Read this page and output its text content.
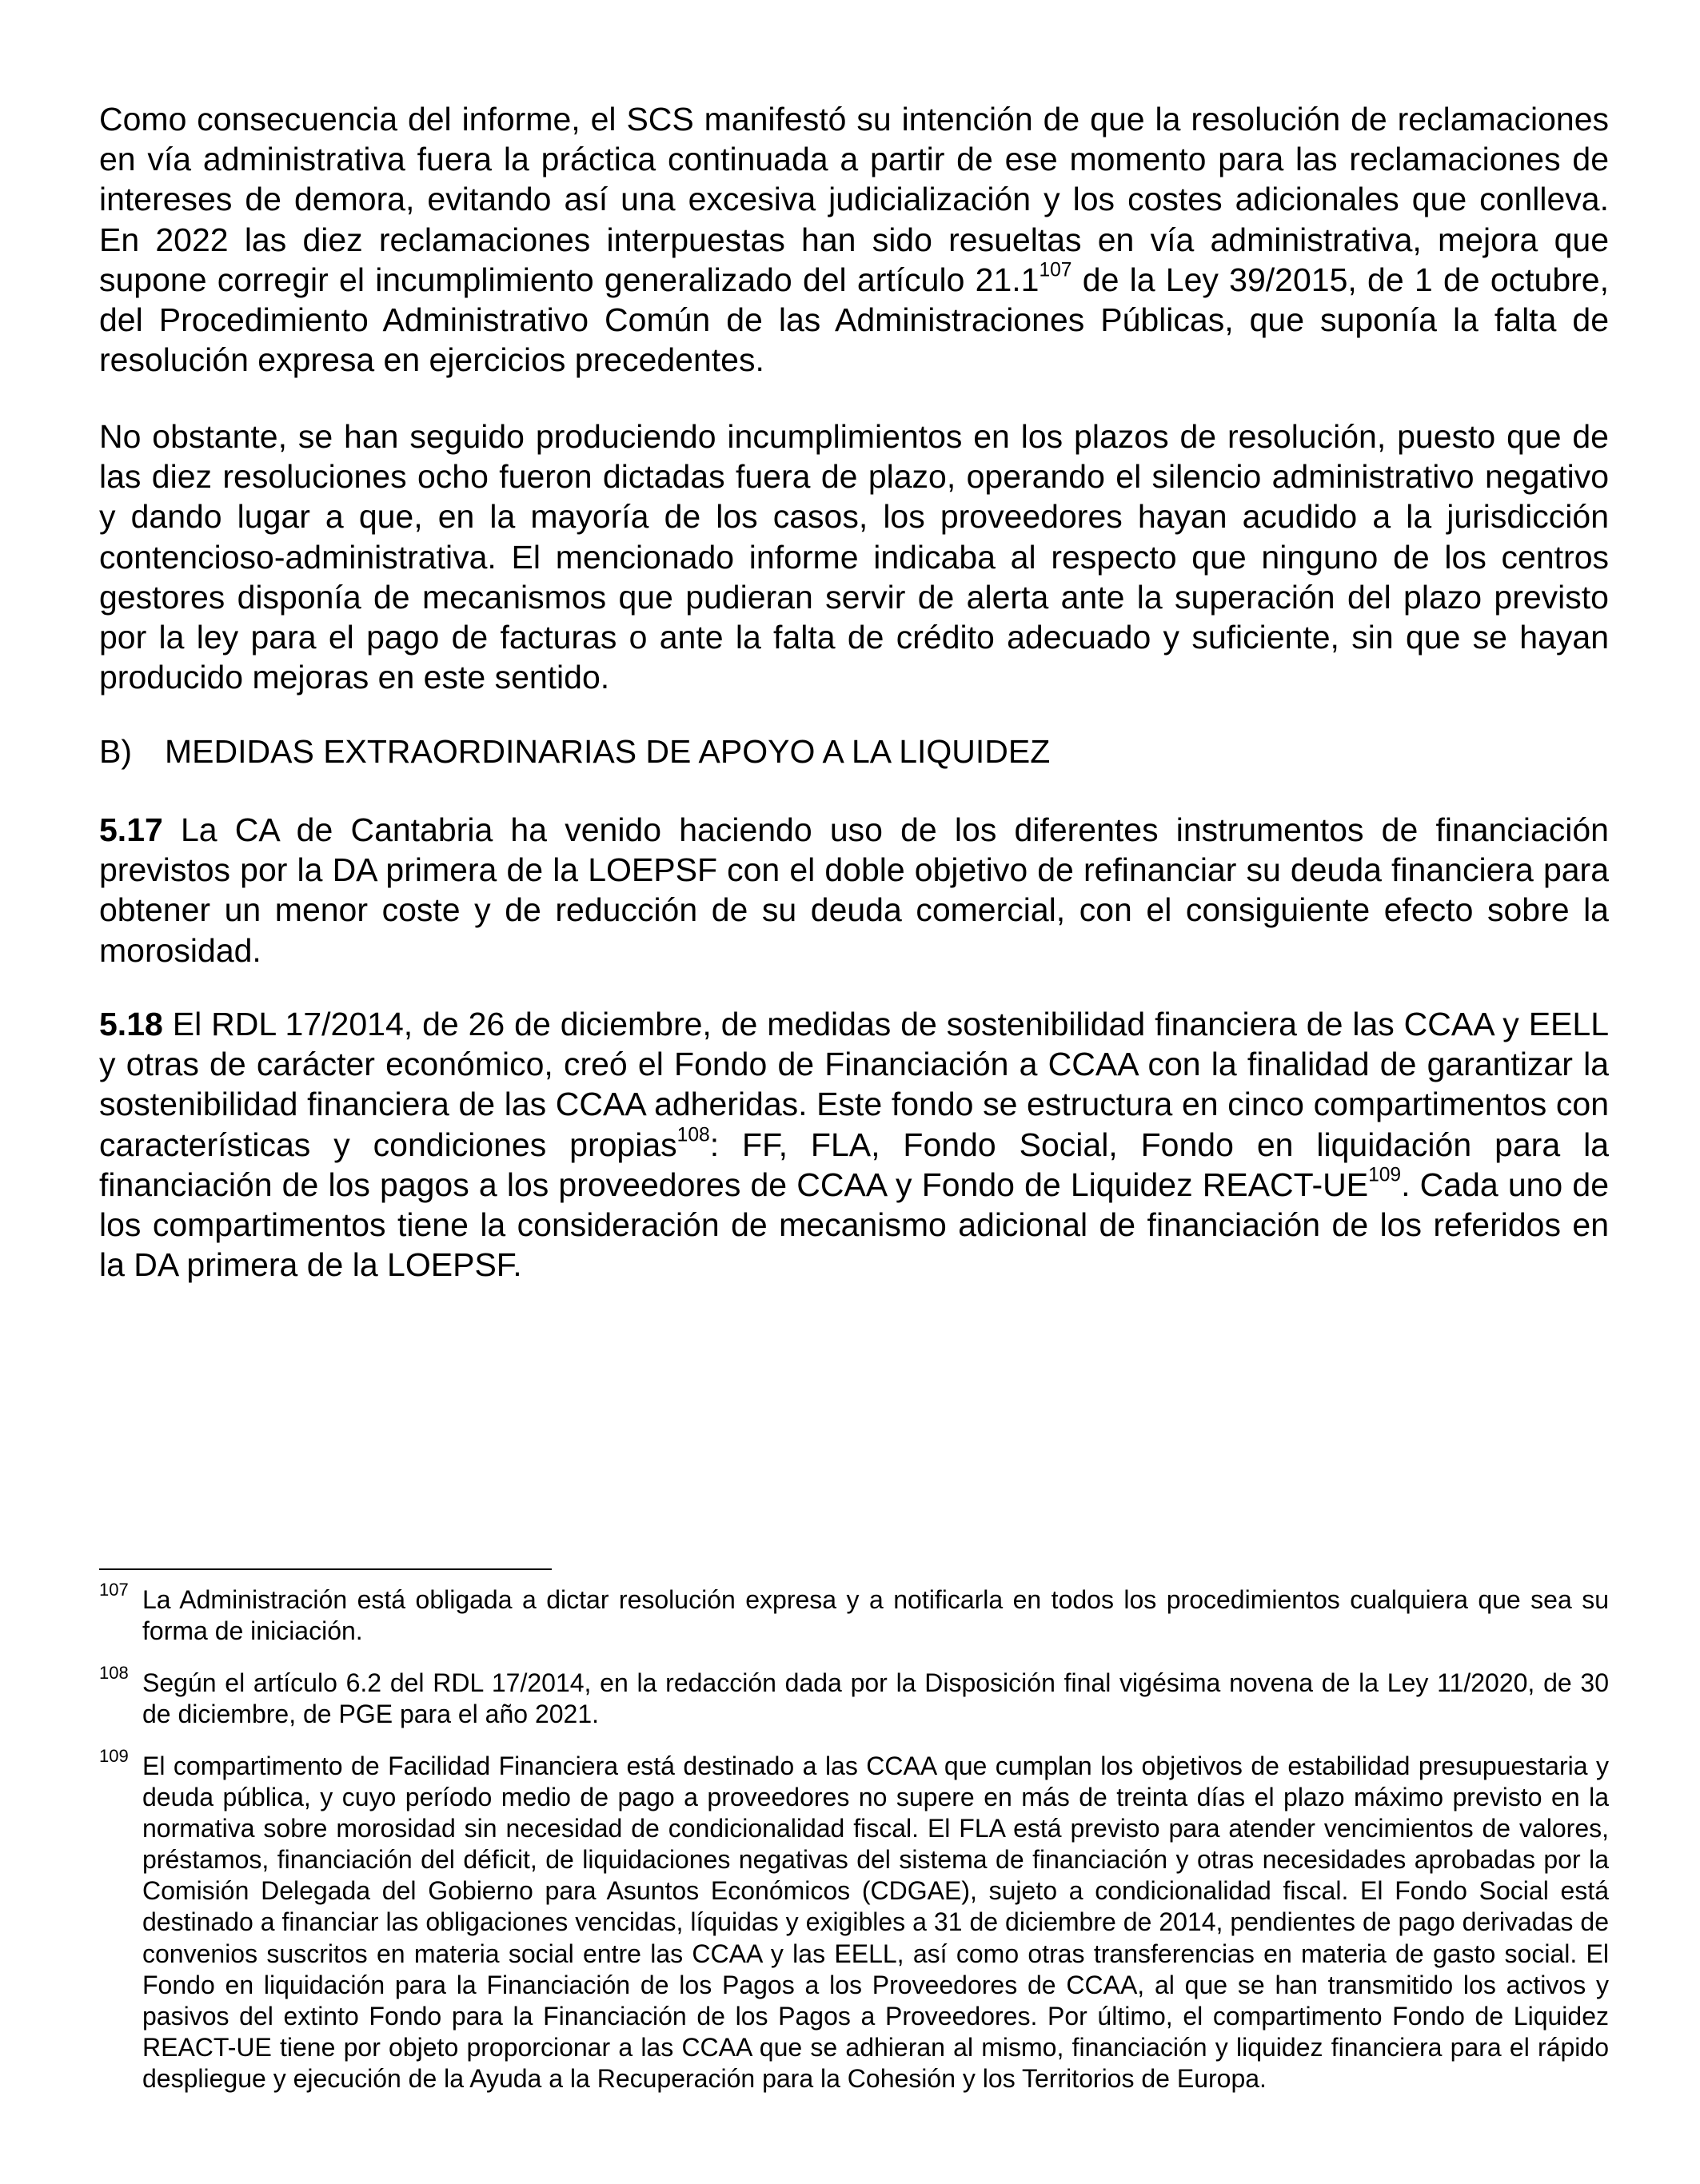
Como consecuencia del informe, el SCS manifestó su intención de que la resolución de reclamaciones en vía administrativa fuera la práctica continuada a partir de ese momento para las reclamaciones de intereses de demora, evitando así una excesiva judicialización y los costes adicionales que conlleva. En 2022 las diez reclamaciones interpuestas han sido resueltas en vía administrativa, mejora que supone corregir el incumplimiento generalizado del artículo 21.1$^{107}$ de la Ley 39/2015, de 1 de octubre, del Procedimiento Administrativo Común de las Administraciones Públicas, que suponía la falta de resolución expresa en ejercicios precedentes.

No obstante, se han seguido produciendo incumplimientos en los plazos de resolución, puesto que de las diez resoluciones ocho fueron dictadas fuera de plazo, operando el silencio administrativo negativo y dando lugar a que, en la mayoría de los casos, los proveedores hayan acudido a la jurisdicción contencioso-administrativa. El mencionado informe indicaba al respecto que ninguno de los centros gestores disponía de mecanismos que pudieran servir de alerta ante la superación del plazo previsto por la ley para el pago de facturas o ante la falta de crédito adecuado y suficiente, sin que se hayan producido mejoras en este sentido.

B) MEDIDAS EXTRAORDINARIAS DE APOYO A LA LIQUIDEZ

5.17 La CA de Cantabria ha venido haciendo uso de los diferentes instrumentos de financiación previstos por la DA primera de la LOEPSF con el doble objetivo de refinanciar su deuda financiera para obtener un menor coste y de reducción de su deuda comercial, con el consiguiente efecto sobre la morosidad.

5.18 El RDL 17/2014, de 26 de diciembre, de medidas de sostenibilidad financiera de las CCAA y EELL y otras de carácter económico, creó el Fondo de Financiación a CCAA con la finalidad de garantizar la sostenibilidad financiera de las CCAA adheridas. Este fondo se estructura en cinco compartimentos con características y condiciones propias$^{108}$: FF, FLA, Fondo Social, Fondo en liquidación para la financiación de los pagos a los proveedores de CCAA y Fondo de Liquidez REACT-UE$^{109}$. Cada uno de los compartimentos tiene la consideración de mecanismo adicional de financiación de los referidos en la DA primera de la LOEPSF.

107 La Administración está obligada a dictar resolución expresa y a notificarla en todos los procedimientos cualquiera que sea su forma de iniciación.

108 Según el artículo 6.2 del RDL 17/2014, en la redacción dada por la Disposición final vigésima novena de la Ley 11/2020, de 30 de diciembre, de PGE para el año 2021.

109 El compartimento de Facilidad Financiera está destinado a las CCAA que cumplan los objetivos de estabilidad presupuestaria y deuda pública, y cuyo período medio de pago a proveedores no supere en más de treinta días el plazo máximo previsto en la normativa sobre morosidad sin necesidad de condicionalidad fiscal. El FLA está previsto para atender vencimientos de valores, préstamos, financiación del déficit, de liquidaciones negativas del sistema de financiación y otras necesidades aprobadas por la Comisión Delegada del Gobierno para Asuntos Económicos (CDGAE), sujeto a condicionalidad fiscal. El Fondo Social está destinado a financiar las obligaciones vencidas, líquidas y exigibles a 31 de diciembre de 2014, pendientes de pago derivadas de convenios suscritos en materia social entre las CCAA y las EELL, así como otras transferencias en materia de gasto social. El Fondo en liquidación para la Financiación de los Pagos a los Proveedores de CCAA, al que se han transmitido los activos y pasivos del extinto Fondo para la Financiación de los Pagos a Proveedores. Por último, el compartimento Fondo de Liquidez REACT-UE tiene por objeto proporcionar a las CCAA que se adhieran al mismo, financiación y liquidez financiera para el rápido despliegue y ejecución de la Ayuda a la Recuperación para la Cohesión y los Territorios de Europa.
